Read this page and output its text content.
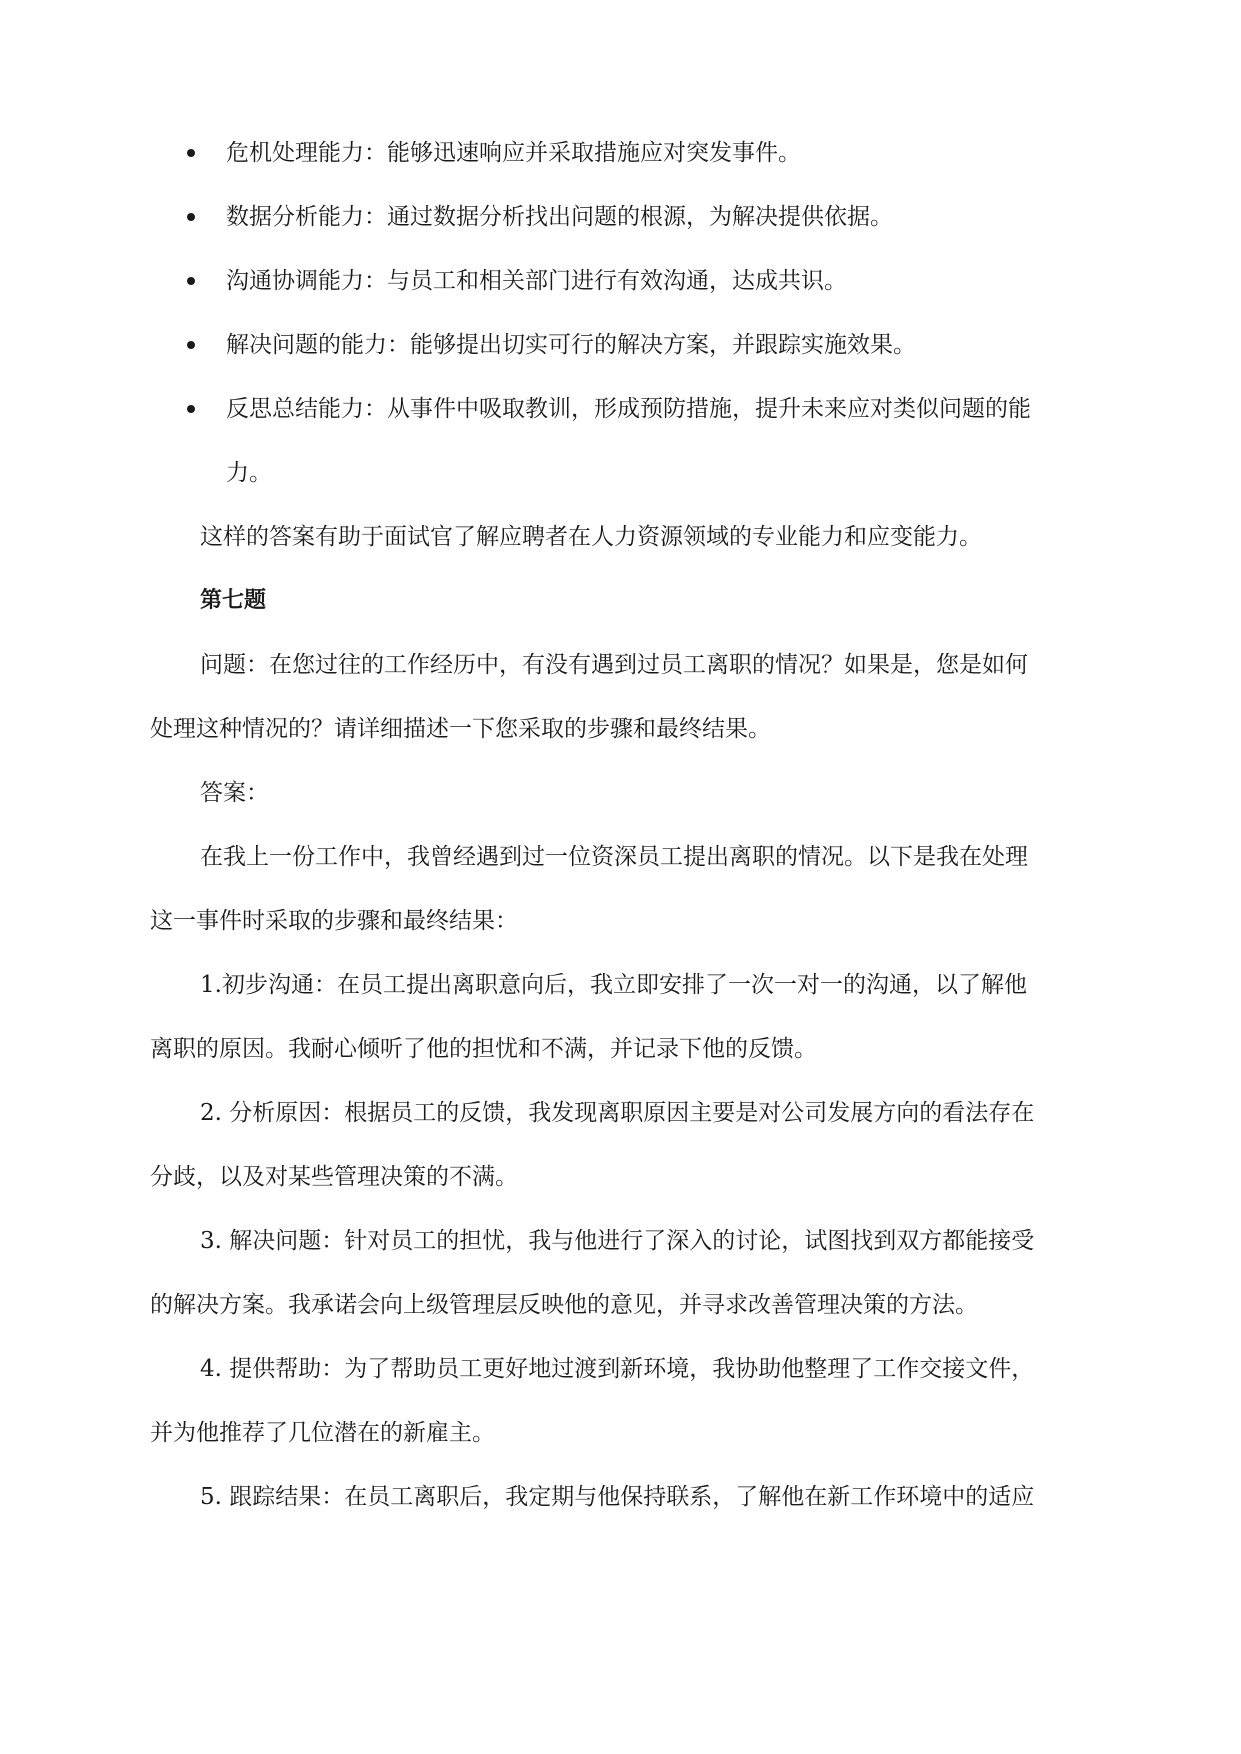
危机处理能力：能够迅速响应并采取措施应对突发事件。
数据分析能力：通过数据分析找出问题的根源，为解决提供依据。
沟通协调能力：与员工和相关部门进行有效沟通，达成共识。
解决问题的能力：能够提出切实可行的解决方案，并跟踪实施效果。
反思总结能力：从事件中吸取教训，形成预防措施，提升未来应对类似问题的能
力。
这样的答案有助于面试官了解应聘者在人力资源领域的专业能力和应变能力。
第七题
问题：在您过往的工作经历中，有没有遇到过员工离职的情况？如果是，您是如何
处理这种情况的？请详细描述一下您采取的步骤和最终结果。
答案：
在我上一份工作中，我曾经遇到过一位资深员工提出离职的情况。以下是我在处理
这一事件时采取的步骤和最终结果：
1.初步沟通：在员工提出离职意向后，我立即安排了一次一对一的沟通，以了解他
离职的原因。我耐心倾听了他的担忧和不满，并记录下他的反馈。
2. 分析原因：根据员工的反馈，我发现离职原因主要是对公司发展方向的看法存在
分歧，以及对某些管理决策的不满。
3. 解决问题：针对员工的担忧，我与他进行了深入的讨论，试图找到双方都能接受
的解决方案。我承诺会向上级管理层反映他的意见，并寻求改善管理决策的方法。
4. 提供帮助：为了帮助员工更好地过渡到新环境，我协助他整理了工作交接文件，
并为他推荐了几位潜在的新雇主。
5. 跟踪结果：在员工离职后，我定期与他保持联系，了解他在新工作环境中的适应
